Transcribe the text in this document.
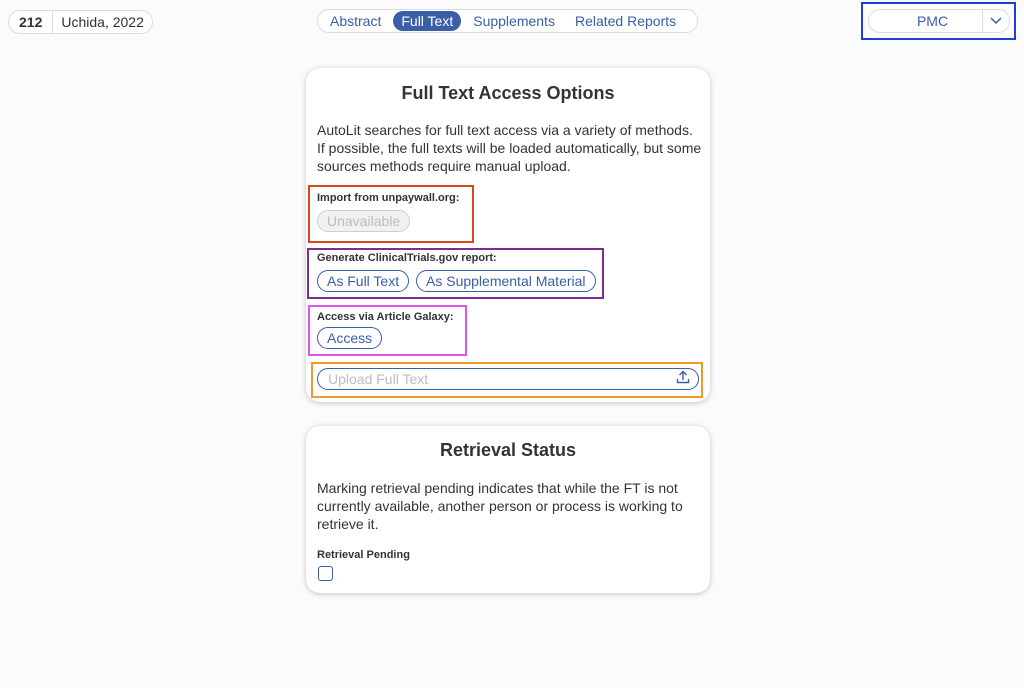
212	Uchida, 2022	Abstract	Full Text	Supplements	Related Reports	PMC
Full Text Access Options

AutoLit searches for full text access via a variety of methods. If possible, the full texts will be loaded automatically, but some sources methods require manual upload.

Import from unpaywall.org:
Unavailable
Generate ClinicalTrials.gov report:
As Full Text	As Supplemental Material
Access via Article Galaxy:
Access
Upload Full Text
Retrieval Status

Marking retrieval pending indicates that while the FT is not currently available, another person or process is working to retrieve it.

Retrieval Pending
